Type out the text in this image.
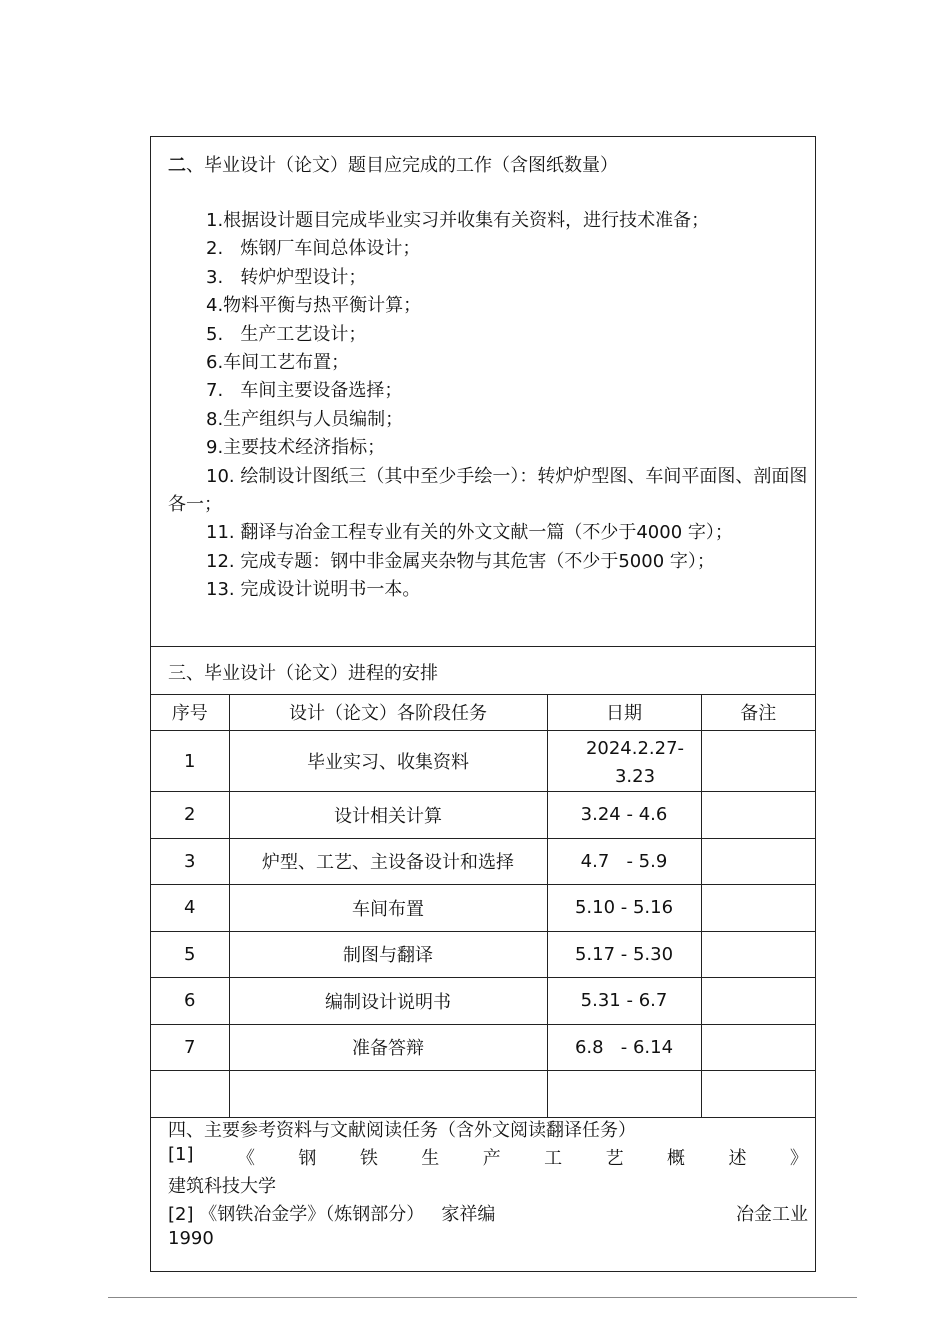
二、毕业设计（论文）题目应完成的工作（含图纸数量）
1.根据设计题目完成毕业实习并收集有关资料，进行技术准备；
2.   炼钢厂车间总体设计；
3.   转炉炉型设计；
4.物料平衡与热平衡计算；
5.   生产工艺设计；
6.车间工艺布置；
7.   车间主要设备选择；
8.生产组织与人员编制；
9.主要技术经济指标；
10. 绘制设计图纸三（其中至少手绘一）：转炉炉型图、车间平面图、剖面图各一；
11. 翻译与冶金工程专业有关的外文文献一篇（不少于4000 字）；
12. 完成专题：钢中非金属夹杂物与其危害（不少于5000 字）；
13. 完成设计说明书一本。
三、毕业设计（论文）进程的安排
序号	设计（论文）各阶段任务	日期	备注
1	毕业实习、收集资料	2024.2.27-3.23	
2	设计相关计算	3.24 - 4.6	
3	炉型、工艺、主设备设计和选择	4.7   - 5.9	
4	车间布置	5.10 - 5.16	
5	制图与翻译	5.17 - 5.30	
6	编制设计说明书	5.31 - 6.7	
7	准备答辩	6.8   - 6.14	

四、主要参考资料与文献阅读任务（含外文阅读翻译任务）
[1] 《 钢 铁 生 产 工 艺 概 述 》
建筑科技大学
[2] 《钢铁冶金学》（炼钢部分）   家祥编	冶金工业
1990
